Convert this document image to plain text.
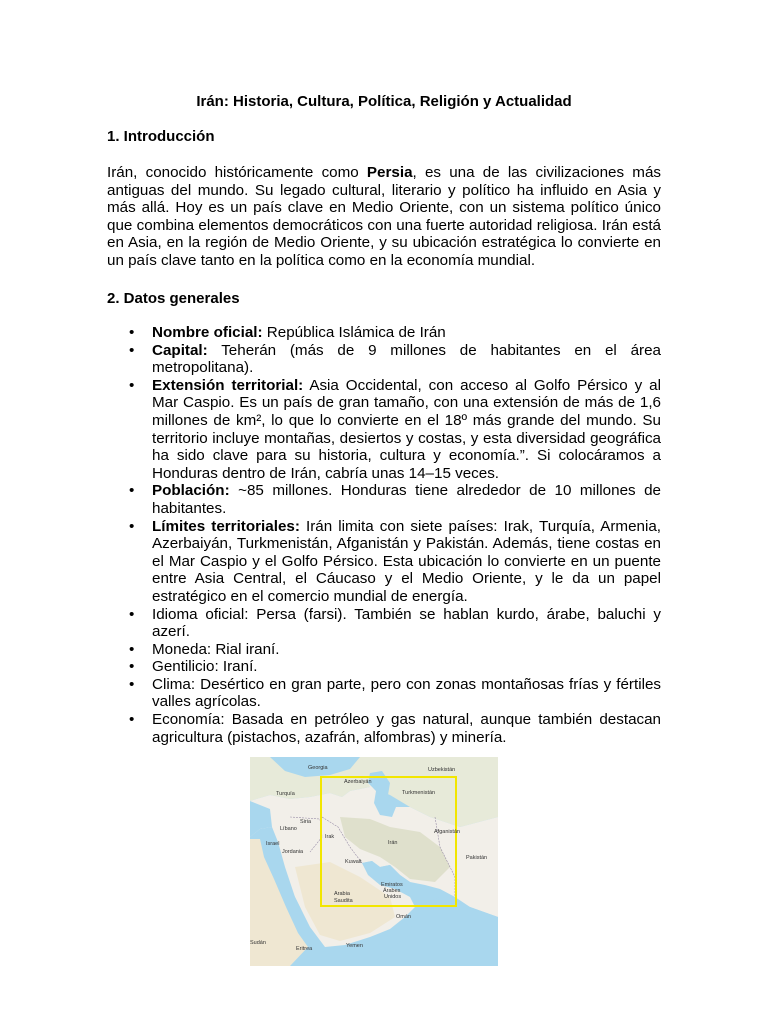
Irán: Historia, Cultura, Política, Religión y Actualidad
1. Introducción

Irán, conocido históricamente como Persia, es una de las civilizaciones más antiguas del mundo. Su legado cultural, literario y político ha influido en Asia y más allá. Hoy es un país clave en Medio Oriente, con un sistema político único que combina elementos democráticos con una fuerte autoridad religiosa. Irán está en Asia, en la región de Medio Oriente, y su ubicación estratégica lo convierte en un país clave tanto en la política como en la economía mundial.

2. Datos generales
• Nombre oficial: República Islámica de Irán
• Capital: Teherán (más de 9 millones de habitantes en el área metropolitana).
• Extensión territorial: Asia Occidental, con acceso al Golfo Pérsico y al Mar Caspio. Es un país de gran tamaño, con una extensión de más de 1,6 millones de km², lo que lo convierte en el 18º más grande del mundo. Su territorio incluye montañas, desiertos y costas, y esta diversidad geográfica ha sido clave para su historia, cultura y economía.”. Si colocáramos a Honduras dentro de Irán, cabría unas 14–15 veces.
• Población: ~85 millones. Honduras tiene alrededor de 10 millones de habitantes.
• Límites territoriales: Irán limita con siete países: Irak, Turquía, Armenia, Azerbaiyán, Turkmenistán, Afganistán y Pakistán. Además, tiene costas en el Mar Caspio y el Golfo Pérsico. Esta ubicación lo convierte en un puente entre Asia Central, el Cáucaso y el Medio Oriente, y le da un papel estratégico en el comercio mundial de energía.
• Idioma oficial: Persa (farsi). También se hablan kurdo, árabe, baluchi y azerí.
• Moneda: Rial iraní.
• Gentilicio: Iraní.
• Clima: Desértico en gran parte, pero con zonas montañosas frías y fértiles valles agrícolas.
• Economía: Basada en petróleo y gas natural, aunque también destacan agricultura (pistachos, azafrán, alfombras) y minería.
Georgia
Azerbaiyán
Uzbekistán
Turkmenistán
Turquía
Siria
Líbano
Israel
Jordania
Irak
Irán
Afganistán
Pakistán
Kuwait
Arabia
Saudita
Emiratos
Árabes
Unidos
Omán
Sudán
Eritrea	Yemen
